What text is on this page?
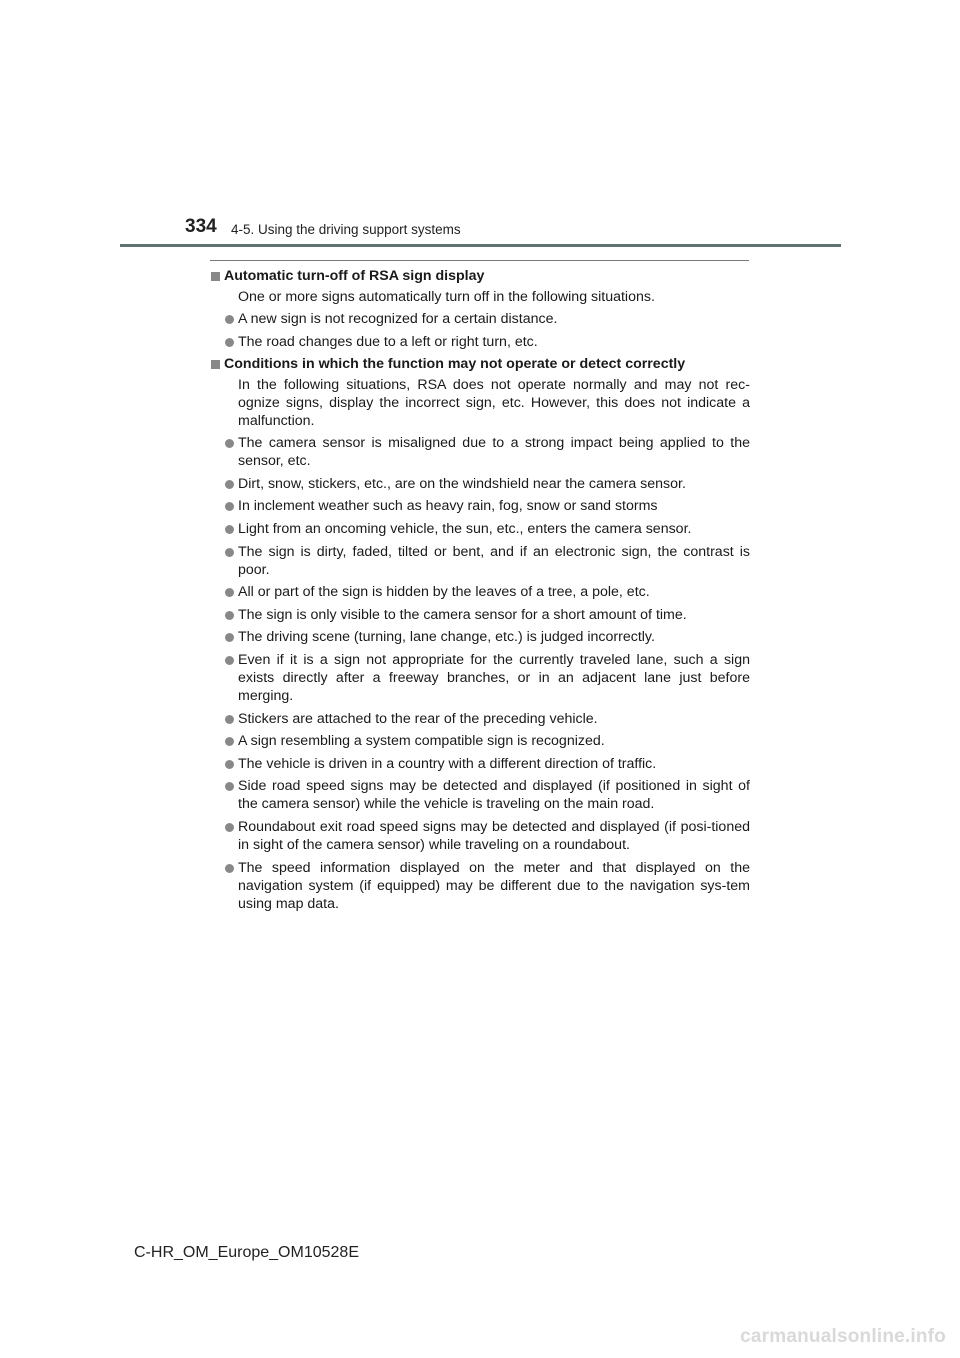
334 4-5. Using the driving support systems
Automatic turn-off of RSA sign display

One or more signs automatically turn off in the following situations.

A new sign is not recognized for a certain distance.
The road changes due to a left or right turn, etc.
Conditions in which the function may not operate or detect correctly

In the following situations, RSA does not operate normally and may not rec-ognize signs, display the incorrect sign, etc. However, this does not indicate a malfunction.

The camera sensor is misaligned due to a strong impact being applied to the sensor, etc.
Dirt, snow, stickers, etc., are on the windshield near the camera sensor.
In inclement weather such as heavy rain, fog, snow or sand storms
Light from an oncoming vehicle, the sun, etc., enters the camera sensor.
The sign is dirty, faded, tilted or bent, and if an electronic sign, the contrast is poor.
All or part of the sign is hidden by the leaves of a tree, a pole, etc.
The sign is only visible to the camera sensor for a short amount of time.
The driving scene (turning, lane change, etc.) is judged incorrectly.
Even if it is a sign not appropriate for the currently traveled lane, such a sign exists directly after a freeway branches, or in an adjacent lane just before merging.
Stickers are attached to the rear of the preceding vehicle.
A sign resembling a system compatible sign is recognized.
The vehicle is driven in a country with a different direction of traffic.
Side road speed signs may be detected and displayed (if positioned in sight of the camera sensor) while the vehicle is traveling on the main road.
Roundabout exit road speed signs may be detected and displayed (if posi-tioned in sight of the camera sensor) while traveling on a roundabout.
The speed information displayed on the meter and that displayed on the navigation system (if equipped) may be different due to the navigation sys-tem using map data.
C-HR_OM_Europe_OM10528E
carmanualsonline.info
